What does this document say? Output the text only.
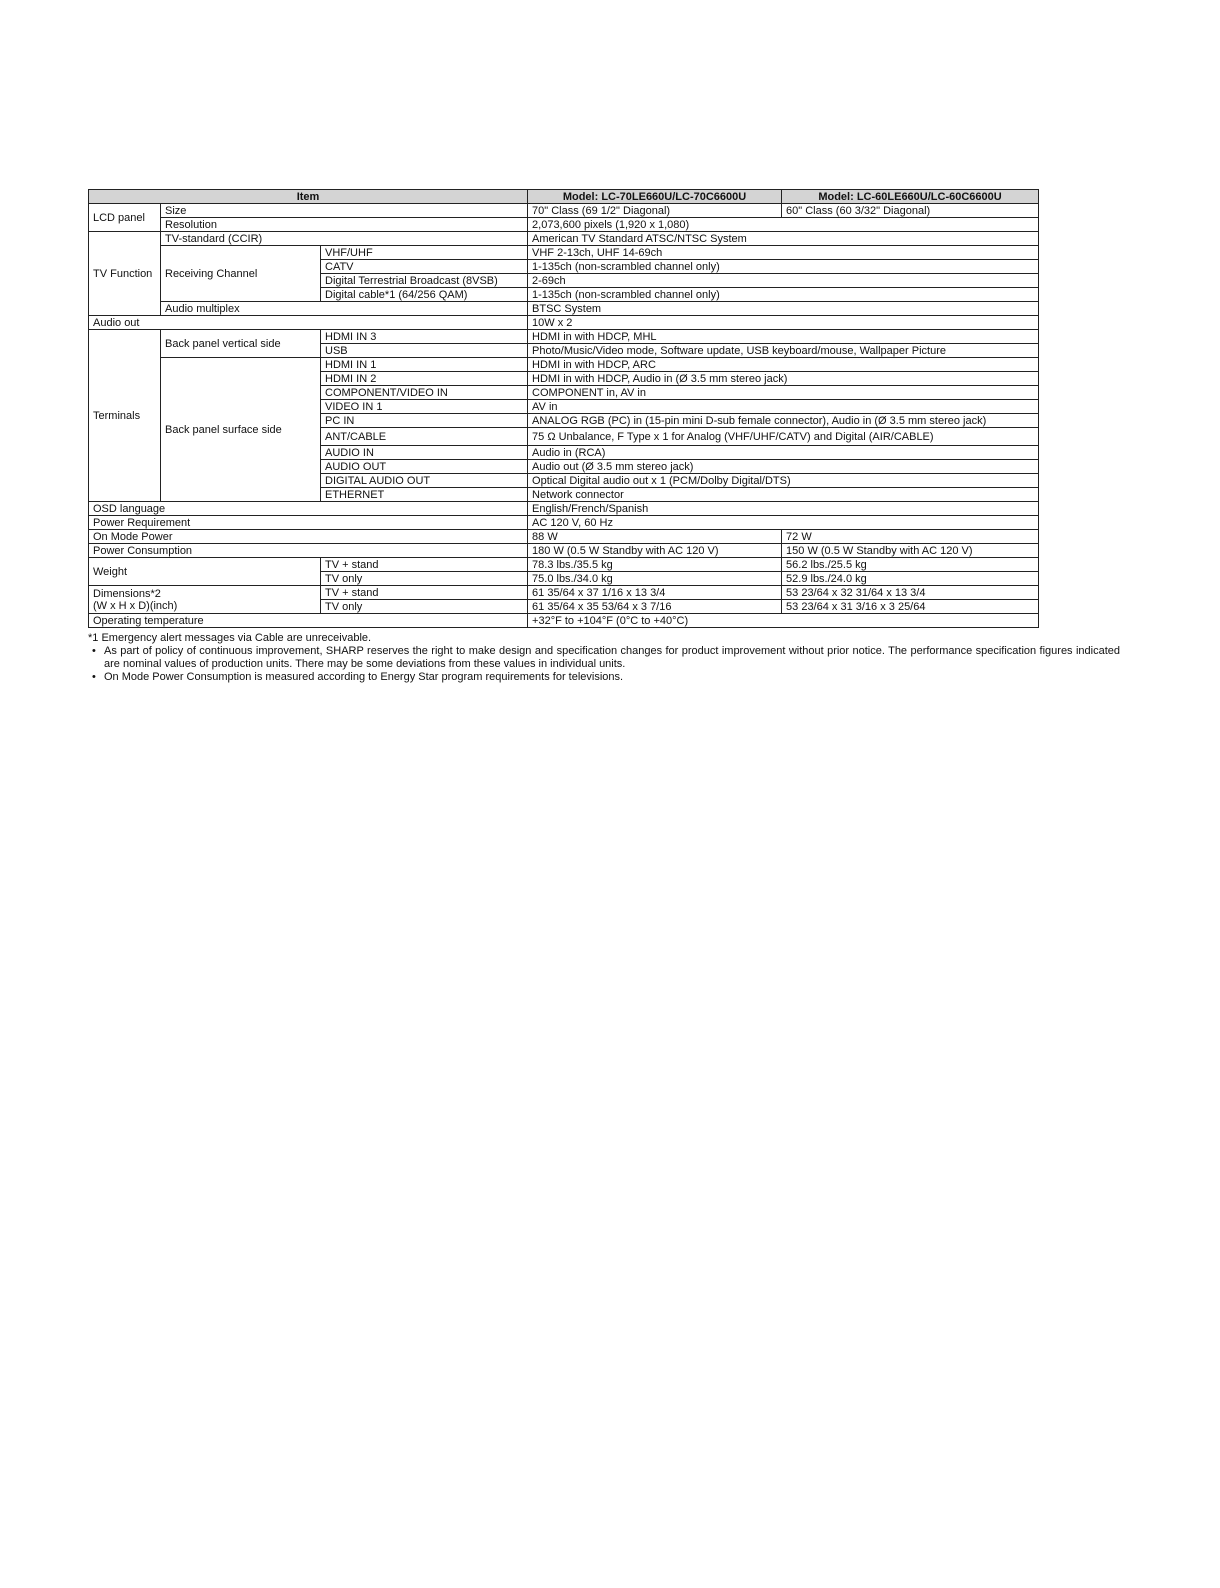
Item			Model: LC-70LE660U/LC-70C6600U	Model: LC-60LE660U/LC-60C6600U
LCD panel	Size		70" Class (69 1/2" Diagonal)	60" Class (60 3/32" Diagonal)
	Resolution		2,073,600 pixels (1,920 x 1,080)	
TV Function	TV-standard (CCIR)		American TV Standard ATSC/NTSC System	
	Receiving Channel	VHF/UHF	VHF 2-13ch, UHF 14-69ch	
		CATV	1-135ch (non-scrambled channel only)	
		Digital Terrestrial Broadcast (8VSB)	2-69ch	
		Digital cable*1 (64/256 QAM)	1-135ch (non-scrambled channel only)	
	Audio multiplex		BTSC System	
Audio out			10W x 2	
Terminals	Back panel vertical side	HDMI IN 3	HDMI in with HDCP, MHL	
		USB	Photo/Music/Video mode, Software update, USB keyboard/mouse, Wallpaper Picture	
	Back panel surface side	HDMI IN 1	HDMI in with HDCP, ARC	
		HDMI IN 2	HDMI in with HDCP, Audio in (Ø 3.5 mm stereo jack)	
		COMPONENT/VIDEO IN	COMPONENT in, AV in	
		VIDEO IN 1	AV in	
		PC IN	ANALOG RGB (PC) in (15-pin mini D-sub female connector), Audio in (Ø 3.5 mm stereo jack)	
		ANT/CABLE	75 Ω Unbalance, F Type x 1 for Analog (VHF/UHF/CATV) and Digital (AIR/CABLE)	
		AUDIO IN	Audio in (RCA)	
		AUDIO OUT	Audio out (Ø 3.5 mm stereo jack)	
		DIGITAL AUDIO OUT	Optical Digital audio out x 1 (PCM/Dolby Digital/DTS)	
		ETHERNET	Network connector	
OSD language			English/French/Spanish	
Power Requirement			AC 120 V, 60 Hz	
On Mode Power			88 W	72 W
Power Consumption			180 W (0.5 W Standby with AC 120 V)	150 W (0.5 W Standby with AC 120 V)
Weight		TV + stand	78.3 lbs./35.5 kg	56.2 lbs./25.5 kg
		TV only	75.0 lbs./34.0 kg	52.9 lbs./24.0 kg
Dimensions*2
(W x H x D)(inch)		TV + stand	61 35/64 x 37 1/16 x 13 3/4	53 23/64 x 32 31/64 x 13 3/4
		TV only	61 35/64 x 35 53/64 x 3 7/16	53 23/64 x 31 3/16 x 3 25/64
Operating temperature			+32°F to +104°F (0°C to +40°C)	

*1 Emergency alert messages via Cable are unreceivable.

• As part of policy of continuous improvement, SHARP reserves the right to make design and specification changes for product improvement without prior notice. The performance specification figures indicated are nominal values of production units. There may be some deviations from these values in individual units.

• On Mode Power Consumption is measured according to Energy Star program requirements for televisions.
